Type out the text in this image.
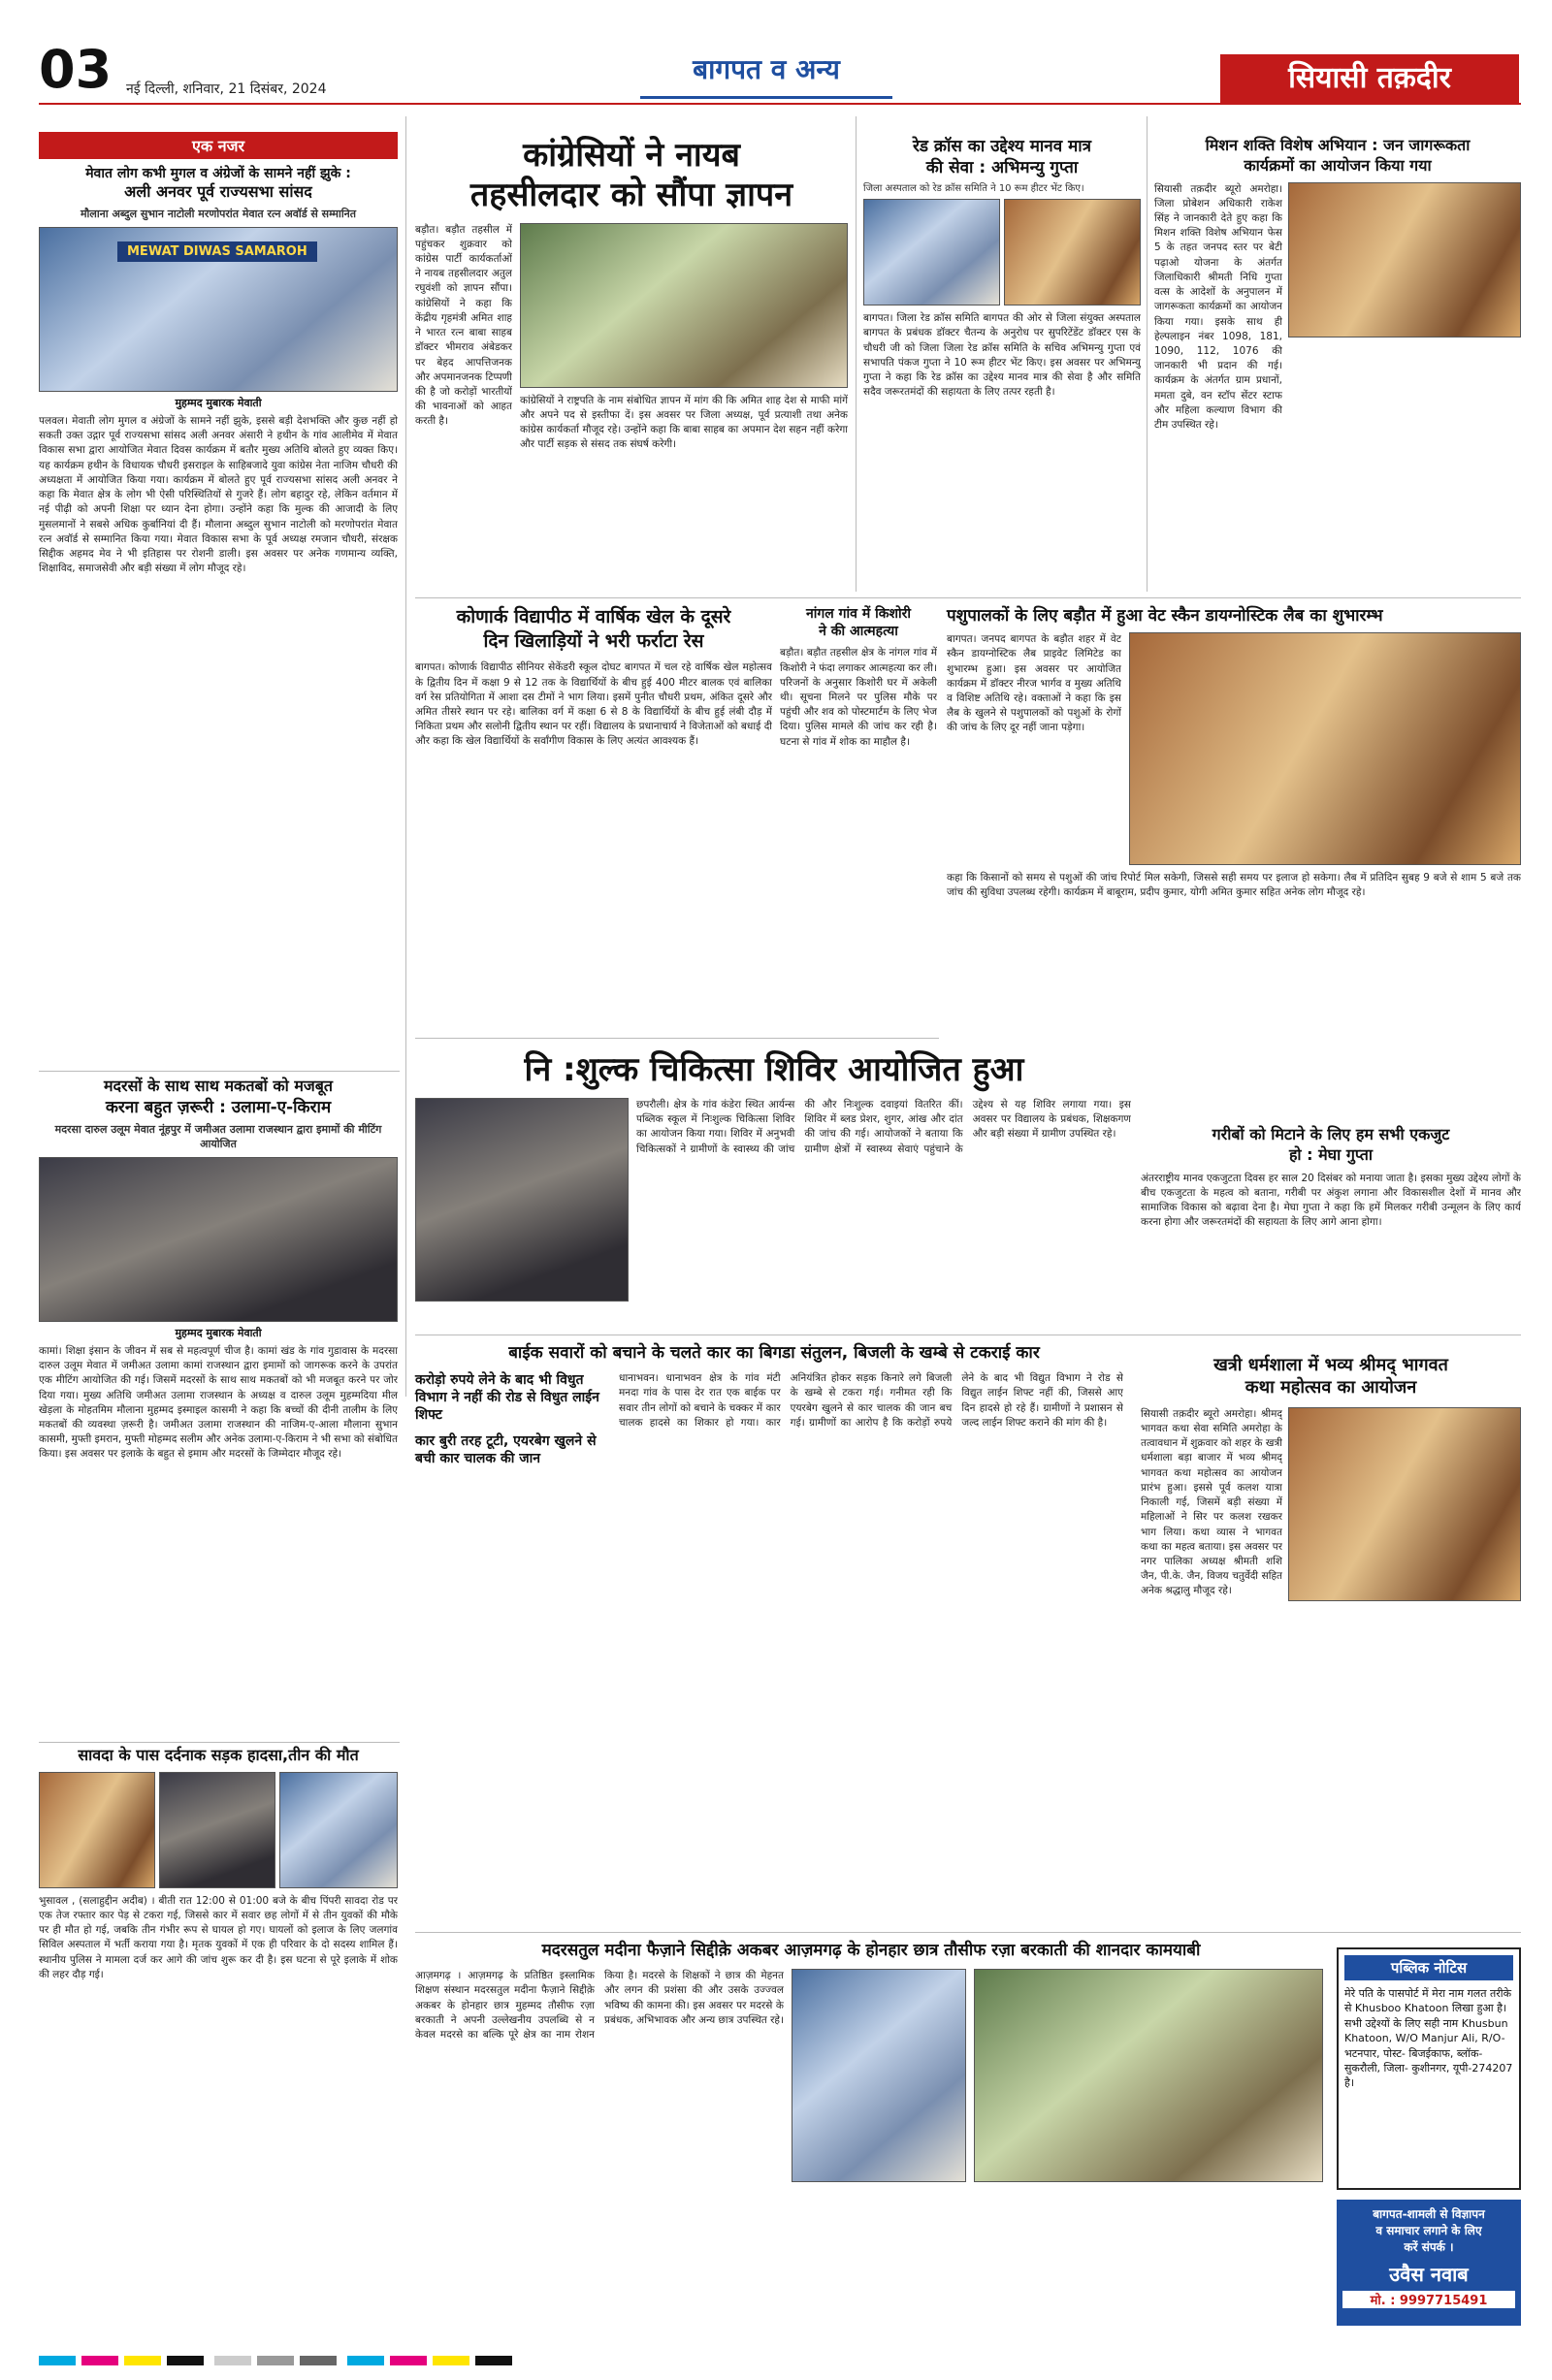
03 नई दिल्ली, शनिवार, 21 दिसंबर, 2024
बागपत व अन्य	सियासी तक़दीर
एक नजर
मेवात लोग कभी मुगल व अंग्रेजों के सामने नहीं झुके :
अली अनवर पूर्व राज्यसभा सांसद
मौलाना अब्दुल सुभान नाटोली मरणोपरांत मेवात रत्न अवॉर्ड से सम्मानित
MEWAT DIWAS SAMAROH
मुहम्मद मुबारक मेवाती
पलवल। मेवाती लोग मुगल व अंग्रेजों के सामने नहीं झुके, इससे बड़ी देशभक्ति और कुछ नहीं हो सकती उक्त उद्गार पूर्व राज्यसभा सांसद अली अनवर अंसारी ने हथीन के गांव आलीमेव में मेवात विकास सभा द्वारा आयोजित मेवात दिवस कार्यक्रम में बतौर मुख्य अतिथि बोलते हुए व्यक्त किए। यह कार्यक्रम हथीन के विधायक चौधरी इसराइल के साहिबजादे युवा कांग्रेस नेता नाजिम चौधरी की अध्यक्षता में आयोजित किया गया। कार्यक्रम में बोलते हुए पूर्व राज्यसभा सांसद अली अनवर ने कहा कि मेवात क्षेत्र के लोग भी ऐसी परिस्थितियों से गुजरे हैं। लोग बहादुर रहे, लेकिन वर्तमान में नई पीढ़ी को अपनी शिक्षा पर ध्यान देना होगा। उन्होंने कहा कि मुल्क की आजादी के लिए मुसलमानों ने सबसे अधिक कुर्बानियां दी हैं। मौलाना अब्दुल सुभान नाटोली को मरणोपरांत मेवात रत्न अवॉर्ड से सम्मानित किया गया। मेवात विकास सभा के पूर्व अध्यक्ष रमजान चौधरी, संरक्षक सिद्दीक अहमद मेव ने भी इतिहास पर रोशनी डाली। इस अवसर पर अनेक गणमान्य व्यक्ति, शिक्षाविद, समाजसेवी और बड़ी संख्या में लोग मौजूद रहे।
मदरसों के साथ साथ मकतबों को मजबूत
करना बहुत ज़रूरी : उलामा-ए-किराम
मदरसा दारुल उलूम मेवात नूंहपुर में जमीअत उलामा राजस्थान द्वारा इमामों की मीटिंग आयोजित
मुहम्मद मुबारक मेवाती
कामां। शिक्षा इंसान के जीवन में सब से महत्वपूर्ण चीज है। कामां खंड के गांव गुडावास के मदरसा दारुल उलूम मेवात में जमीअत उलामा कामां राजस्थान द्वारा इमामों को जागरूक करने के उपरांत एक मीटिंग आयोजित की गई। जिसमें मदरसों के साथ साथ मकतबों को भी मजबूत करने पर जोर दिया गया। मुख्य अतिथि जमीअत उलामा राजस्थान के अध्यक्ष व दारुल उलूम मुहम्मदिया मील खेड़ला के मोहतमिम मौलाना मुहम्मद इस्माइल कासमी ने कहा कि बच्चों की दीनी तालीम के लिए मकतबों की व्यवस्था ज़रूरी है। जमीअत उलामा राजस्थान की नाजिम-ए-आला मौलाना सुभान कासमी, मुफ्ती इमरान, मुफ्ती मोहम्मद सलीम और अनेक उलामा-ए-किराम ने भी सभा को संबोधित किया। इस अवसर पर इलाके के बहुत से इमाम और मदरसों के जिम्मेदार मौजूद रहे।
सावदा के पास दर्दनाक सड़क हादसा,तीन की मौत
भुसावल , (सलाहुद्दीन अदीब) । बीती रात 12:00 से 01:00 बजे के बीच पिंपरी सावदा रोड पर एक तेज रफ्तार कार पेड़ से टकरा गई, जिससे कार में सवार छह लोगों में से तीन युवकों की मौके पर ही मौत हो गई, जबकि तीन गंभीर रूप से घायल हो गए। घायलों को इलाज के लिए जलगांव सिविल अस्पताल में भर्ती कराया गया है। मृतक युवकों में एक ही परिवार के दो सदस्य शामिल हैं। स्थानीय पुलिस ने मामला दर्ज कर आगे की जांच शुरू कर दी है। इस घटना से पूरे इलाके में शोक की लहर दौड़ गई।
कांग्रेसियों ने नायब
तहसीलदार को सौंपा ज्ञापन
बड़ौत। बड़ौत तहसील में पहुंचकर शुक्रवार को कांग्रेस पार्टी कार्यकर्ताओं ने नायब तहसीलदार अतुल रघुवंशी को ज्ञापन सौंपा। कांग्रेसियों ने कहा कि केंद्रीय गृहमंत्री अमित शाह ने भारत रत्न बाबा साहब डॉक्टर भीमराव अंबेडकर पर बेहद आपत्तिजनक और अपमानजनक टिप्पणी की है जो करोड़ों भारतीयों की भावनाओं को आहत करती है।
कांग्रेसियों ने राष्ट्रपति के नाम संबोधित ज्ञापन में मांग की कि अमित शाह देश से माफी मांगें और अपने पद से इस्तीफा दें। इस अवसर पर जिला अध्यक्ष, पूर्व प्रत्याशी तथा अनेक कांग्रेस कार्यकर्ता मौजूद रहे। उन्होंने कहा कि बाबा साहब का अपमान देश सहन नहीं करेगा और पार्टी सड़क से संसद तक संघर्ष करेगी।
रेड क्रॉस का उद्देश्य मानव मात्र
की सेवा : अभिमन्यु गुप्ता
जिला अस्पताल को रेड क्रॉस समिति ने 10 रूम हीटर भेंट किए।
बागपत। जिला रेड क्रॉस समिति बागपत की ओर से जिला संयुक्त अस्पताल बागपत के प्रबंधक डॉक्टर चैतन्य के अनुरोध पर सुपरिटेंडेंट डॉक्टर एस के चौधरी जी को जिला जिला रेड क्रॉस समिति के सचिव अभिमन्यु गुप्ता एवं सभापति पंकज गुप्ता ने 10 रूम हीटर भेंट किए। इस अवसर पर अभिमन्यु गुप्ता ने कहा कि रेड क्रॉस का उद्देश्य मानव मात्र की सेवा है और समिति सदैव जरूरतमंदों की सहायता के लिए तत्पर रहती है।
मिशन शक्ति विशेष अभियान : जन जागरूकता
कार्यक्रमों का आयोजन किया गया
सियासी तक़दीर ब्यूरो अमरोहा। जिला प्रोबेशन अधिकारी राकेश सिंह ने जानकारी देते हुए कहा कि मिशन शक्ति विशेष अभियान फेस 5 के तहत जनपद स्तर पर बेटी पढ़ाओ योजना के अंतर्गत जिलाधिकारी श्रीमती निधि गुप्ता वत्स के आदेशों के अनुपालन में जागरूकता कार्यक्रमों का आयोजन किया गया। इसके साथ ही हेल्पलाइन नंबर 1098, 181, 1090, 112, 1076 की जानकारी भी प्रदान की गई। कार्यक्रम के अंतर्गत ग्राम प्रधानों, ममता दुबे, वन स्टॉप सेंटर स्टाफ और महिला कल्याण विभाग की टीम उपस्थित रहे।
कोणार्क विद्यापीठ में वार्षिक खेल के दूसरे
दिन खिलाड़ियों ने भरी फर्राटा रेस
बागपत। कोणार्क विद्यापीठ सीनियर सेकेंडरी स्कूल दोघट बागपत में चल रहे वार्षिक खेल महोत्सव के द्वितीय दिन में कक्षा 9 से 12 तक के विद्यार्थियों के बीच हुई 400 मीटर बालक एवं बालिका वर्ग रेस प्रतियोगिता में आशा दस टीमों ने भाग लिया। इसमें पुनीत चौधरी प्रथम, अंकित दूसरे और अमित तीसरे स्थान पर रहे। बालिका वर्ग में कक्षा 6 से 8 के विद्यार्थियों के बीच हुई लंबी दौड़ में निकिता प्रथम और सलोनी द्वितीय स्थान पर रहीं। विद्यालय के प्रधानाचार्य ने विजेताओं को बधाई दी और कहा कि खेल विद्यार्थियों के सर्वांगीण विकास के लिए अत्यंत आवश्यक हैं।
नांगल गांव में किशोरी
ने की आत्महत्या
बड़ौत। बड़ौत तहसील क्षेत्र के नांगल गांव में किशोरी ने फंदा लगाकर आत्महत्या कर ली। परिजनों के अनुसार किशोरी घर में अकेली थी। सूचना मिलने पर पुलिस मौके पर पहुंची और शव को पोस्टमार्टम के लिए भेज दिया। पुलिस मामले की जांच कर रही है। घटना से गांव में शोक का माहौल है।
पशुपालकों के लिए बड़ौत में हुआ वेट स्कैन डायग्नोस्टिक लैब का शुभारम्भ
बागपत। जनपद बागपत के बड़ौत शहर में वेट स्कैन डायग्नोस्टिक लैब प्राइवेट लिमिटेड का शुभारम्भ हुआ। इस अवसर पर आयोजित कार्यक्रम में डॉक्टर नीरज भार्गव व मुख्य अतिथि व विशिष्ट अतिथि रहे। वक्ताओं ने कहा कि इस लैब के खुलने से पशुपालकों को पशुओं के रोगों की जांच के लिए दूर नहीं जाना पड़ेगा।
कहा कि किसानों को समय से पशुओं की जांच रिपोर्ट मिल सकेगी, जिससे सही समय पर इलाज हो सकेगा। लैब में प्रतिदिन सुबह 9 बजे से शाम 5 बजे तक जांच की सुविधा उपलब्ध रहेगी। कार्यक्रम में बाबूराम, प्रदीप कुमार, योगी अमित कुमार सहित अनेक लोग मौजूद रहे।
नि :शुल्क चिकित्सा शिविर आयोजित हुआ
छपरौली। क्षेत्र के गांव कंडेरा स्थित आर्यन्स पब्लिक स्कूल में निःशुल्क चिकित्सा शिविर का आयोजन किया गया। शिविर में अनुभवी चिकित्सकों ने ग्रामीणों के स्वास्थ्य की जांच की और निःशुल्क दवाइयां वितरित कीं। शिविर में ब्लड प्रेशर, शुगर, आंख और दांत की जांच की गई। आयोजकों ने बताया कि ग्रामीण क्षेत्रों में स्वास्थ्य सेवाएं पहुंचाने के उद्देश्य से यह शिविर लगाया गया। इस अवसर पर विद्यालय के प्रबंधक, शिक्षकगण और बड़ी संख्या में ग्रामीण उपस्थित रहे।	गरीबों को मिटाने के लिए हम सभी एकजुट
हो : मेघा गुप्ता
अंतरराष्ट्रीय मानव एकजुटता दिवस हर साल 20 दिसंबर को मनाया जाता है। इसका मुख्य उद्देश्य लोगों के बीच एकजुटता के महत्व को बताना, गरीबी पर अंकुश लगाना और विकासशील देशों में मानव और सामाजिक विकास को बढ़ावा देना है। मेघा गुप्ता ने कहा कि हमें मिलकर गरीबी उन्मूलन के लिए कार्य करना होगा और जरूरतमंदों की सहायता के लिए आगे आना होगा।
बाईक सवारों को बचाने के चलते कार का बिगडा संतुलन, बिजली के खम्बे से टकराई कार
करोड़ो रुपये लेने के बाद भी विधुत विभाग ने नहीं की रोड से विधुत लाईन शिफ्ट
कार बुरी तरह टूटी, एयरबेग खुलने से बची कार चालक की जान
धानाभवन। धानाभवन क्षेत्र के गांव मंटी मनदा गांव के पास देर रात एक बाईक पर सवार तीन लोगों को बचाने के चक्कर में कार चालक हादसे का शिकार हो गया। कार अनियंत्रित होकर सड़क किनारे लगे बिजली के खम्बे से टकरा गई। गनीमत रही कि एयरबेग खुलने से कार चालक की जान बच गई। ग्रामीणों का आरोप है कि करोड़ों रुपये लेने के बाद भी विद्युत विभाग ने रोड से विद्युत लाईन शिफ्ट नहीं की, जिससे आए दिन हादसे हो रहे हैं। ग्रामीणों ने प्रशासन से जल्द लाईन शिफ्ट कराने की मांग की है।
खत्री धर्मशाला में भव्य श्रीमद् भागवत
कथा महोत्सव का आयोजन
सियासी तक़दीर ब्यूरो अमरोहा। श्रीमद् भागवत कथा सेवा समिति अमरोहा के तत्वावधान में शुक्रवार को शहर के खत्री धर्मशाला बड़ा बाजार में भव्य श्रीमद् भागवत कथा महोत्सव का आयोजन प्रारंभ हुआ। इससे पूर्व कलश यात्रा निकाली गई, जिसमें बड़ी संख्या में महिलाओं ने सिर पर कलश रखकर भाग लिया। कथा व्यास ने भागवत कथा का महत्व बताया। इस अवसर पर नगर पालिका अध्यक्ष श्रीमती शशि जैन, पी.के. जैन, विजय चतुर्वेदी सहित अनेक श्रद्धालु मौजूद रहे।
मदरसतुल मदीना फैज़ाने सिद्दीक़े अकबर आज़मगढ़ के होनहार छात्र तौसीफ रज़ा बरकाती की शानदार कामयाबी
आज़मगढ़ । आज़मगढ़ के प्रतिष्ठित इस्लामिक शिक्षण संस्थान मदरसतुल मदीना फैज़ाने सिद्दीक़े अकबर के होनहार छात्र मुहम्मद तौसीफ रज़ा बरकाती ने अपनी उल्लेखनीय उपलब्धि से न केवल मदरसे का बल्कि पूरे क्षेत्र का नाम रोशन किया है। मदरसे के शिक्षकों ने छात्र की मेहनत और लगन की प्रशंसा की और उसके उज्ज्वल भविष्य की कामना की। इस अवसर पर मदरसे के प्रबंधक, अभिभावक और अन्य छात्र उपस्थित रहे।
पब्लिक नोटिस
मेरे पति के पासपोर्ट में मेरा नाम गलत तरीके से Khusboo Khatoon लिखा हुआ है। सभी उद्देश्यों के लिए सही नाम Khusbun Khatoon, W/O Manjur Ali, R/O- भटनपार, पोस्ट- बिजईकाफ, ब्लॉक- सुकरौली, जिला- कुशीनगर, यूपी-274207 है।
बागपत-शामली से विज्ञापन
व समाचार लगाने के लिए
करें संपर्क ।
उवैस नवाब
मो. : 9997715491
